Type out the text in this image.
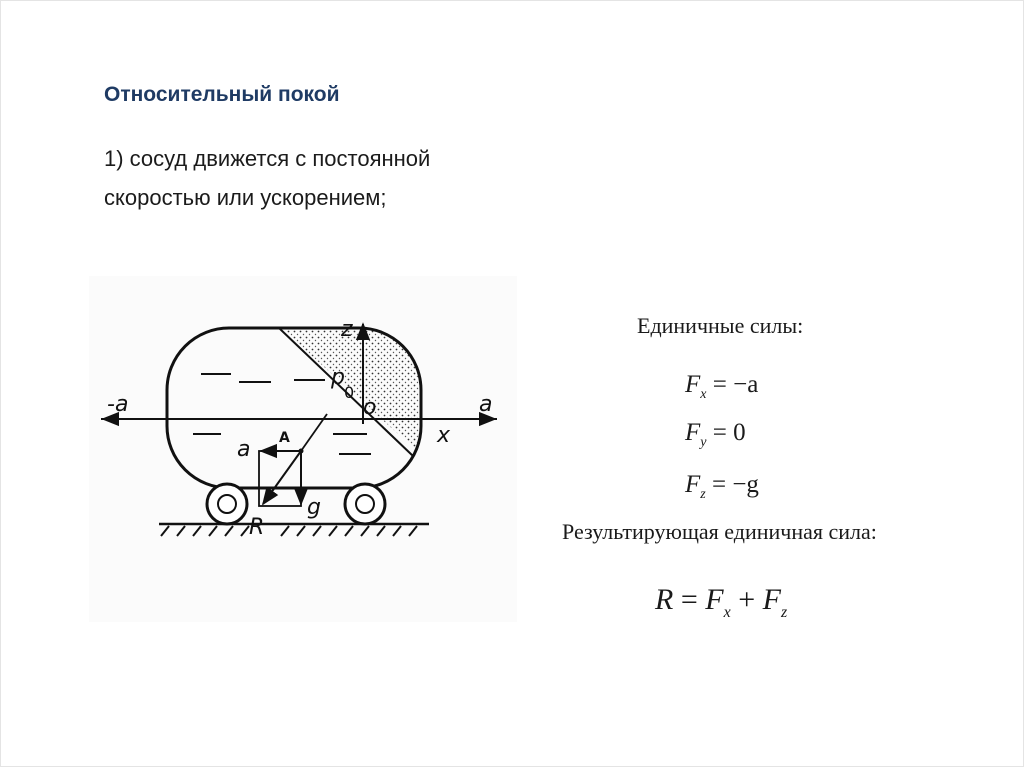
Относительный покой
1) сосуд движется с постоянной
скоростью или ускорением;
z
x
-a	a
p
0
o
A
a
g
R
Единичные силы:
$F_x = -a$
$F_y = 0$
$F_z = -g$
Результирующая единичная сила:
$R = F_x + F_z$
